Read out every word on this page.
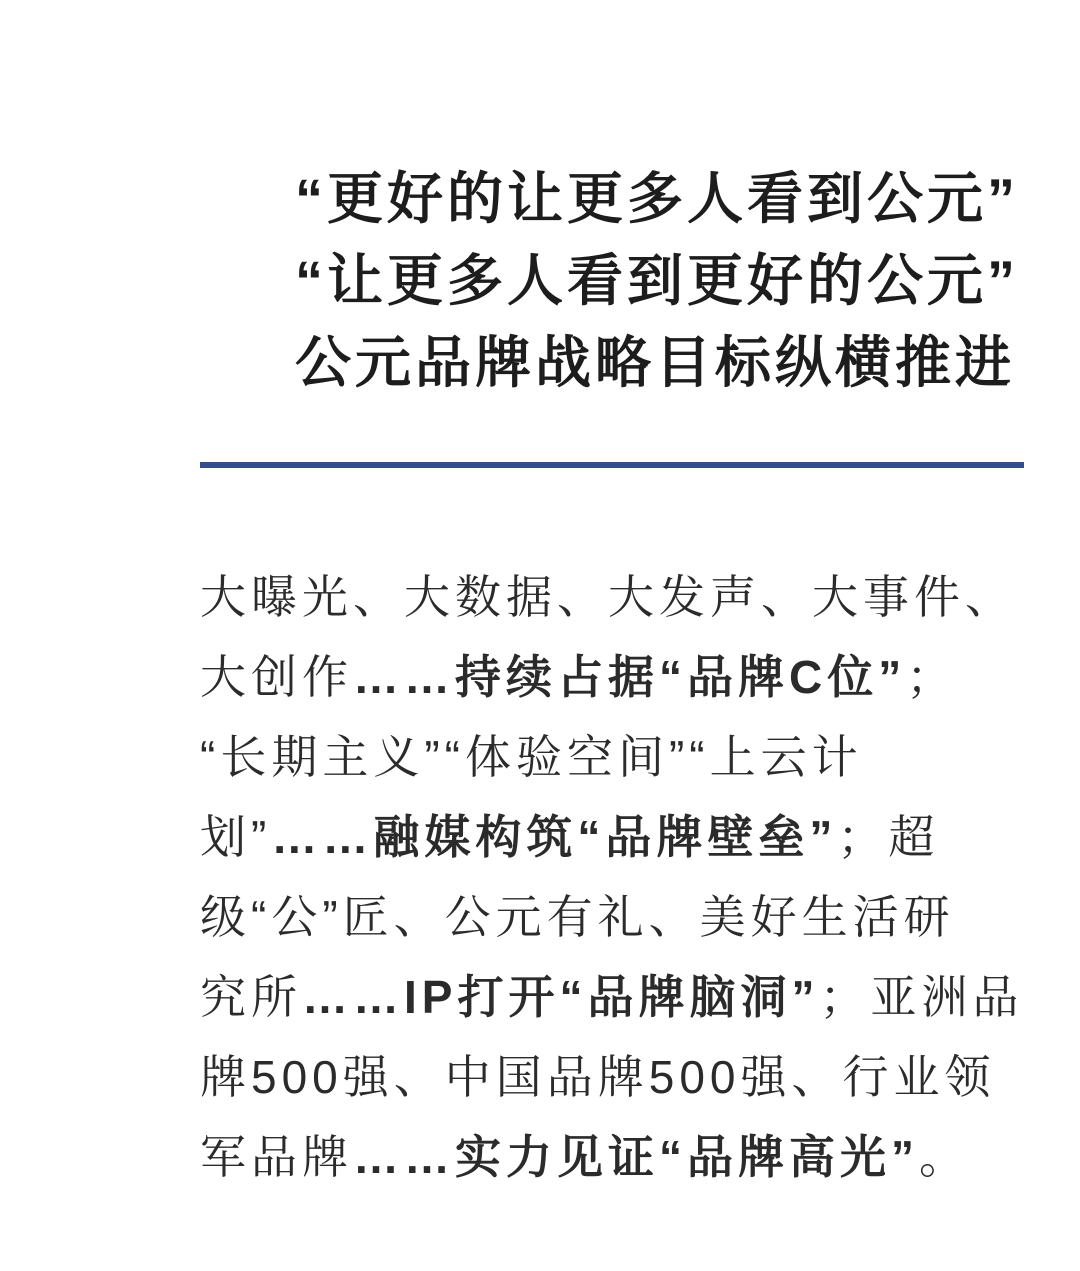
“更好的让更多人看到公元”
“让更多人看到更好的公元”
公元品牌战略目标纵横推进
大曝光、大数据、大发声、大事件、
大创作……持续占据“品牌C位”；
“长期主义”“体验空间”“上云计
划”……融媒构筑“品牌壁垒”；超
级“公”匠、公元有礼、美好生活研
究所……IP打开“品牌脑洞”；亚洲品
牌500强、中国品牌500强、行业领
军品牌……实力见证“品牌高光”。
